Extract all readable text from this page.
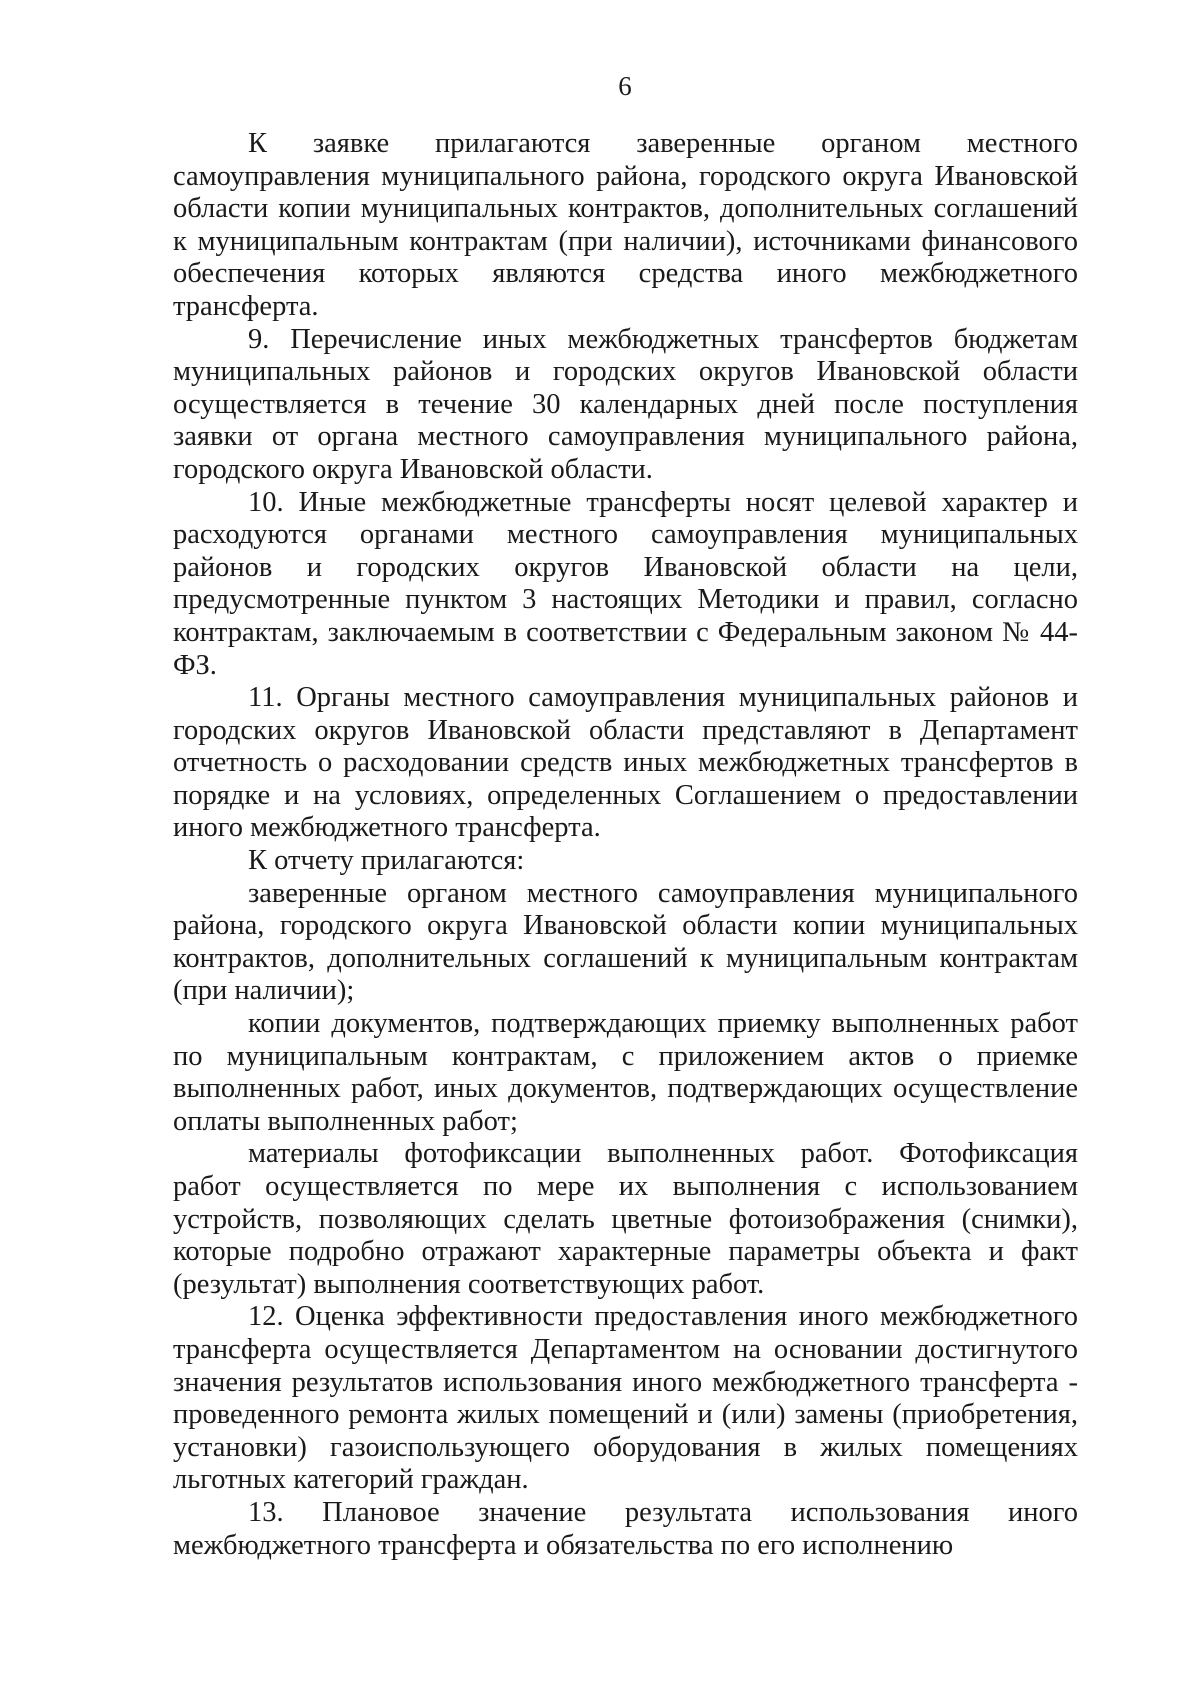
6

К заявке прилагаются заверенные органом местного самоуправления муниципального района, городского округа Ивановской области копии муниципальных контрактов, дополнительных соглашений к муниципальным контрактам (при наличии), источниками финансового обеспечения которых являются средства иного межбюджетного трансферта.

9. Перечисление иных межбюджетных трансфертов бюджетам муниципальных районов и городских округов Ивановской области осуществляется в течение 30 календарных дней после поступления заявки от органа местного самоуправления муниципального района, городского округа Ивановской области.

10. Иные межбюджетные трансферты носят целевой характер и расходуются органами местного самоуправления муниципальных районов и городских округов Ивановской области на цели, предусмотренные пунктом 3 настоящих Методики и правил, согласно контрактам, заключаемым в соответствии с Федеральным законом № 44-ФЗ.

11. Органы местного самоуправления муниципальных районов и городских округов Ивановской области представляют в Департамент отчетность о расходовании средств иных межбюджетных трансфертов в порядке и на условиях, определенных Соглашением о предоставлении иного межбюджетного трансферта.

К отчету прилагаются:

заверенные органом местного самоуправления муниципального района, городского округа Ивановской области копии муниципальных контрактов, дополнительных соглашений к муниципальным контрактам (при наличии);

копии документов, подтверждающих приемку выполненных работ по муниципальным контрактам, с приложением актов о приемке выполненных работ, иных документов, подтверждающих осуществление оплаты выполненных работ;

материалы фотофиксации выполненных работ. Фотофиксация работ осуществляется по мере их выполнения с использованием устройств, позволяющих сделать цветные фотоизображения (снимки), которые подробно отражают характерные параметры объекта и факт (результат) выполнения соответствующих работ.

12. Оценка эффективности предоставления иного межбюджетного трансферта осуществляется Департаментом на основании достигнутого значения результатов использования иного межбюджетного трансферта - проведенного ремонта жилых помещений и (или) замены (приобретения, установки) газоиспользующего оборудования в жилых помещениях льготных категорий граждан.

13. Плановое значение результата использования иного межбюджетного трансферта и обязательства по его исполнению
